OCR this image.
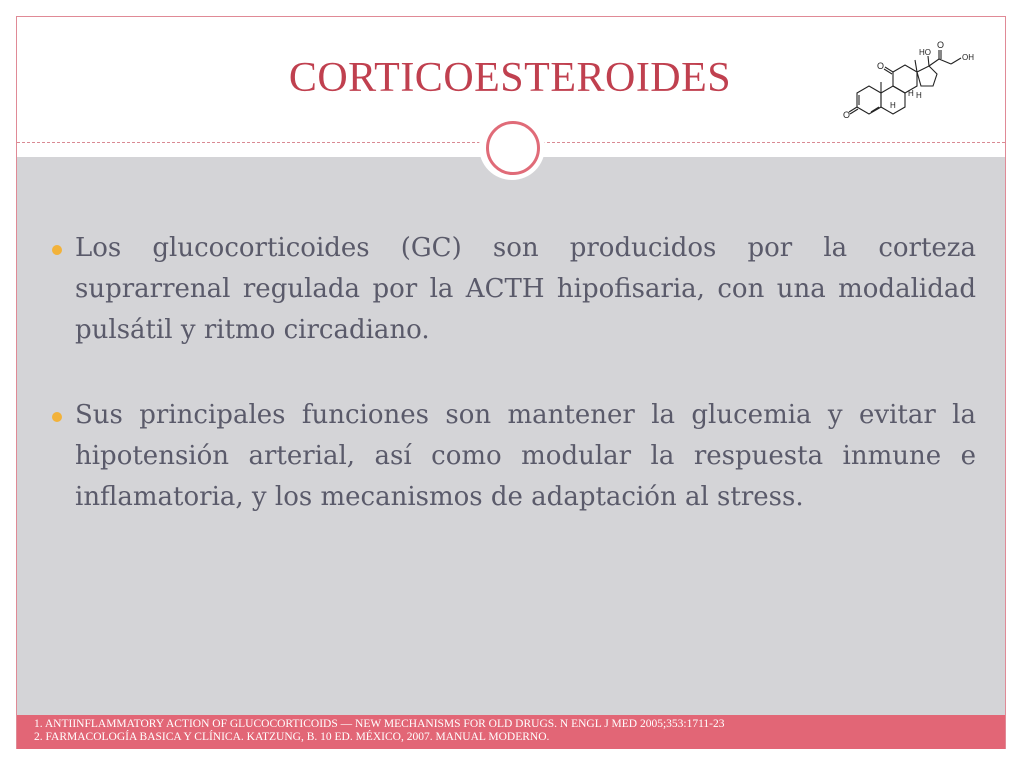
CORTICOESTEROIDES
O
O
O
HO
OH
H
H
H
Los glucocorticoides (GC) son producidos por la corteza suprarrenal regulada por la ACTH hipofisaria, con una modalidad pulsátil y ritmo circadiano.
Sus principales funciones son mantener la glucemia y evitar la hipotensión arterial, así como modular la respuesta inmune e inflamatoria, y los mecanismos de adaptación al stress.
1. ANTIINFLAMMATORY ACTION OF GLUCOCORTICOIDS — NEW MECHANISMS FOR OLD DRUGS. N ENGL J MED 2005;353:1711-23
2. FARMACOLOGÍA BASICA Y CLÍNICA. KATZUNG, B. 10 ED. MÉXICO, 2007. MANUAL MODERNO.
